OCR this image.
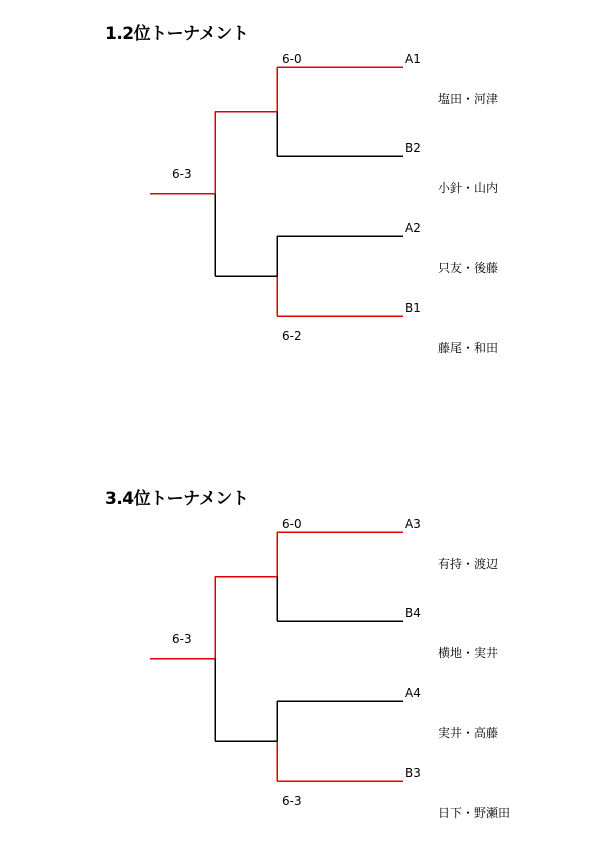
1.2位トーナメント
A1
塩田・河津
B2
小針・山内
6-0
A2
只友・後藤
B1
藤尾・和田
6-2
6-3
3.4位トーナメント
A3
有持・渡辺
B4
横地・実井
6-0
A4
実井・高藤
B3
日下・野瀬田
6-3
6-3
